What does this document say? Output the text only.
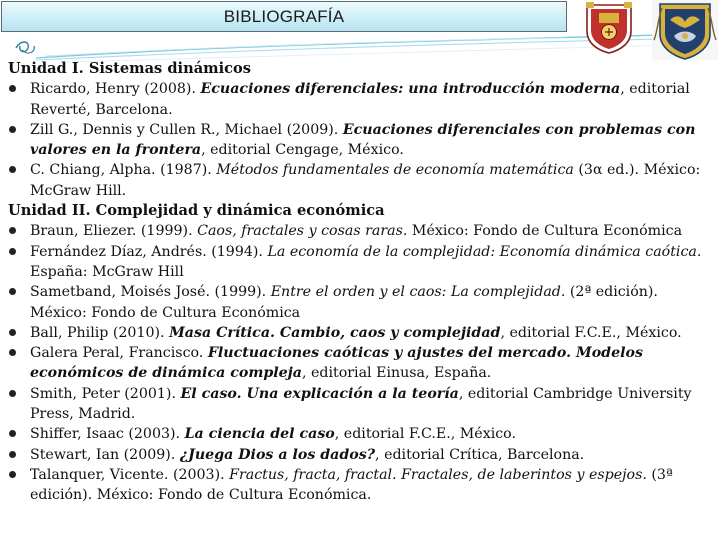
BIBLIOGRAFÍA
Unidad I. Sistemas dinámicos
Ricardo, Henry (2008). Ecuaciones diferenciales: una introducción moderna, editorial Reverté, Barcelona.
Zill G., Dennis y Cullen R., Michael (2009). Ecuaciones diferenciales con problemas con valores en la frontera, editorial Cengage, México.
C. Chiang, Alpha. (1987). Métodos fundamentales de economía matemática (3α ed.). México: McGraw Hill.
Unidad II. Complejidad y dinámica económica
Braun, Eliezer. (1999). Caos, fractales y cosas raras. México: Fondo de Cultura Económica
Fernández Díaz, Andrés. (1994). La economía de la complejidad: Economía dinámica caótica. España: McGraw Hill
Sametband, Moisés José. (1999). Entre el orden y el caos: La complejidad. (2ª edición). México: Fondo de Cultura Económica
Ball, Philip (2010). Masa Crítica. Cambio, caos y complejidad, editorial F.C.E., México.
Galera Peral, Francisco. Fluctuaciones caóticas y ajustes del mercado. Modelos económicos de dinámica compleja, editorial Einusa, España.
Smith, Peter (2001). El caso. Una explicación a la teoría, editorial Cambridge University Press, Madrid.
Shiffer, Isaac (2003). La ciencia del caso, editorial F.C.E., México.
Stewart, Ian (2009). ¿Juega Dios a los dados?, editorial Crítica, Barcelona.
Talanquer, Vicente. (2003). Fractus, fracta, fractal. Fractales, de laberintos y espejos. (3ª edición). México: Fondo de Cultura Económica.
